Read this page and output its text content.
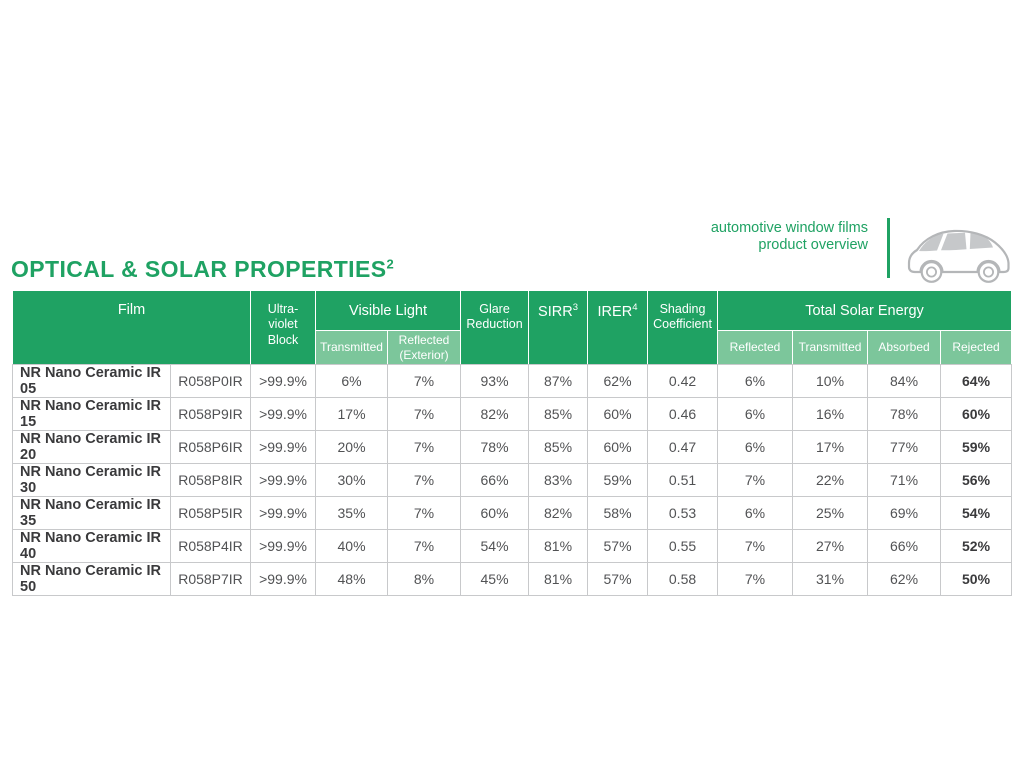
automotive window films
product overview
OPTICAL & SOLAR PROPERTIES$^2$
Film		Ultra-violet Block	Visible Light		Glare Reduction	SIRR$^3$	IRER$^4$	Shading Coefficient	Total Solar Energy			
			Transmitted	Reflected (Exterior)					Reflected	Transmitted	Absorbed	Rejected
NR Nano Ceramic IR 05	R058P0IR	>99.9%	6%	7%	93%	87%	62%	0.42	6%	10%	84%	64%
NR Nano Ceramic IR 15	R058P9IR	>99.9%	17%	7%	82%	85%	60%	0.46	6%	16%	78%	60%
NR Nano Ceramic IR 20	R058P6IR	>99.9%	20%	7%	78%	85%	60%	0.47	6%	17%	77%	59%
NR Nano Ceramic IR 30	R058P8IR	>99.9%	30%	7%	66%	83%	59%	0.51	7%	22%	71%	56%
NR Nano Ceramic IR 35	R058P5IR	>99.9%	35%	7%	60%	82%	58%	0.53	6%	25%	69%	54%
NR Nano Ceramic IR 40	R058P4IR	>99.9%	40%	7%	54%	81%	57%	0.55	7%	27%	66%	52%
NR Nano Ceramic IR 50	R058P7IR	>99.9%	48%	8%	45%	81%	57%	0.58	7%	31%	62%	50%
